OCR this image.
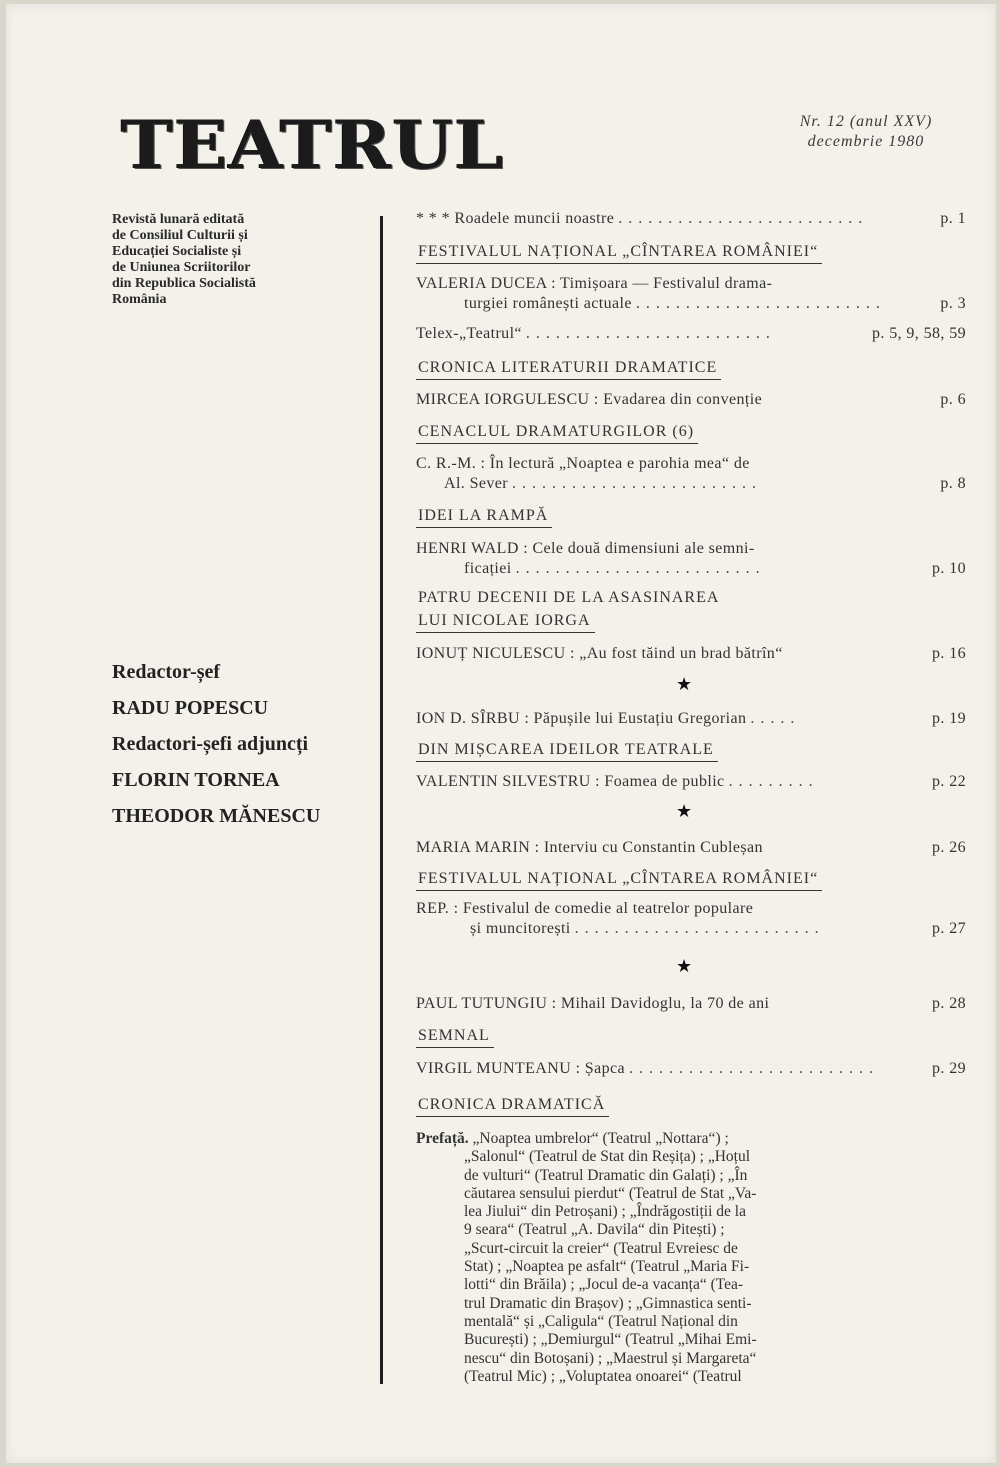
TEATRUL	Nr. 12 (anul XXV)
decembrie 1980
Revistă lunară editată
de Consiliul Culturii și
Educației Socialiste și
de Uniunea Scriitorilor
din Republica Socialistă
România
Redactor-șef
RADU POPESCU
Redactori-șefi adjuncți
FLORIN TORNEA
THEODOR MĂNESCU
* * * Roadele muncii noastre .........................	p. 1
FESTIVALUL NAȚIONAL „CÎNTAREA ROMÂNIEI“
VALERIA DUCEA : Timișoara — Festivalul drama-
turgiei românești actuale .........................	p. 3
Telex-„Teatrul“ .........................	p. 5, 9, 58, 59
CRONICA LITERATURII DRAMATICE
MIRCEA IORGULESCU : Evadarea din convenție	p. 6
CENACLUL DRAMATURGILOR (6)
C. R.-M. : În lectură „Noaptea e parohia mea“ de
Al. Sever .........................	p. 8
IDEI LA RAMPĂ
HENRI WALD : Cele două dimensiuni ale semni-
ficației .........................	p. 10
PATRU DECENII DE LA ASASINAREA
LUI NICOLAE IORGA
IONUȚ NICULESCU : „Au fost tăind un brad bătrîn“	p. 16
★
ION D. SÎRBU : Păpușile lui Eustațiu Gregorian .....	p. 19
DIN MIȘCAREA IDEILOR TEATRALE
VALENTIN SILVESTRU : Foamea de public .........	p. 22
★
MARIA MARIN : Interviu cu Constantin Cubleșan	p. 26
FESTIVALUL NAȚIONAL „CÎNTAREA ROMÂNIEI“
REP. : Festivalul de comedie al teatrelor populare
și muncitorești .........................	p. 27
★
PAUL TUTUNGIU : Mihail Davidoglu, la 70 de ani	p. 28
SEMNAL
VIRGIL MUNTEANU : Șapca .........................	p. 29
CRONICA DRAMATICĂ
Prefață. „Noaptea umbrelor“ (Teatrul „Nottara“) ;
„Salonul“ (Teatrul de Stat din Reșița) ; „Hoțul
de vulturi“ (Teatrul Dramatic din Galați) ; „În
căutarea sensului pierdut“ (Teatrul de Stat „Va-
lea Jiului“ din Petroșani) ; „Îndrăgostiții de la
9 seara“ (Teatrul „A. Davila“ din Pitești) ;
„Scurt-circuit la creier“ (Teatrul Evreiesc de
Stat) ; „Noaptea pe asfalt“ (Teatrul „Maria Fi-
lotti“ din Brăila) ; „Jocul de-a vacanța“ (Tea-
trul Dramatic din Brașov) ; „Gimnastica senti-
mentală“ și „Caligula“ (Teatrul Național din
București) ; „Demiurgul“ (Teatrul „Mihai Emi-
nescu“ din Botoșani) ; „Maestrul și Margareta“
(Teatrul Mic) ; „Voluptatea onoarei“ (Teatrul
